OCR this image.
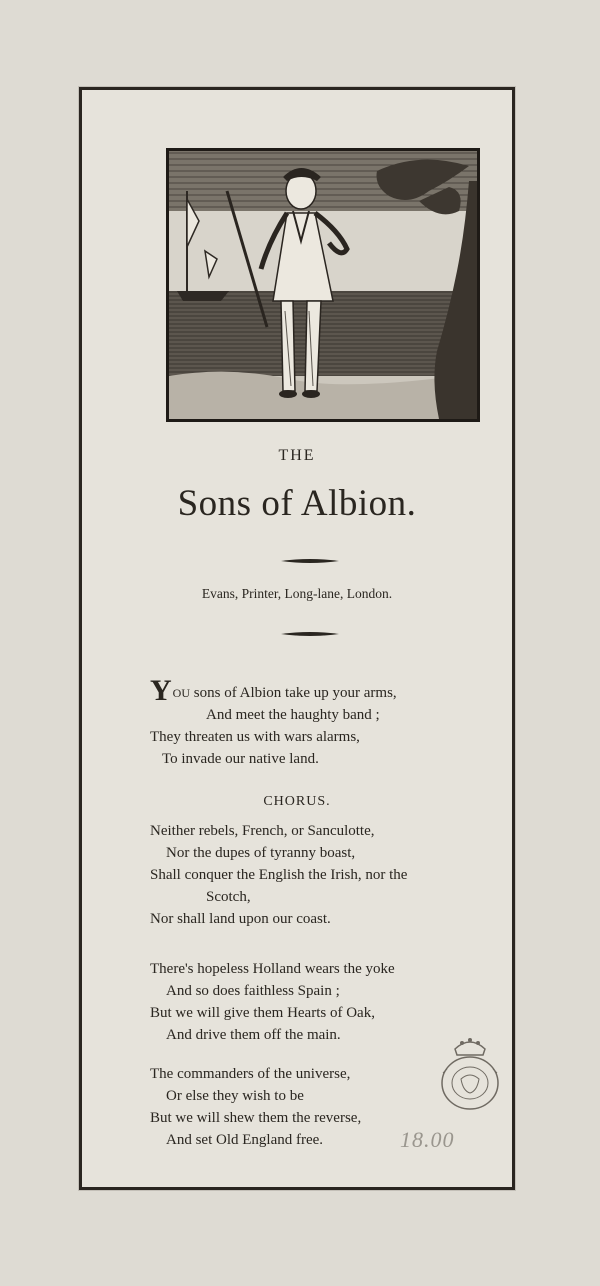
THE
Sons of Albion.
Evans, Printer, Long-lane, London.
YOU sons of Albion take up your arms,
And meet the haughty band ;
They threaten us with wars alarms,
To invade our native land.
CHORUS.
Neither rebels, French, or Sanculotte,
Nor the dupes of tyranny boast,
Shall conquer the English the Irish, nor the
Scotch,
Nor shall land upon our coast.
There's hopeless Holland wears the yoke
And so does faithless Spain ;
But we will give them Hearts of Oak,
And drive them off the main.
The commanders of the universe,
Or else they wish to be
But we will shew them the reverse,
And set Old England free.	18.00
